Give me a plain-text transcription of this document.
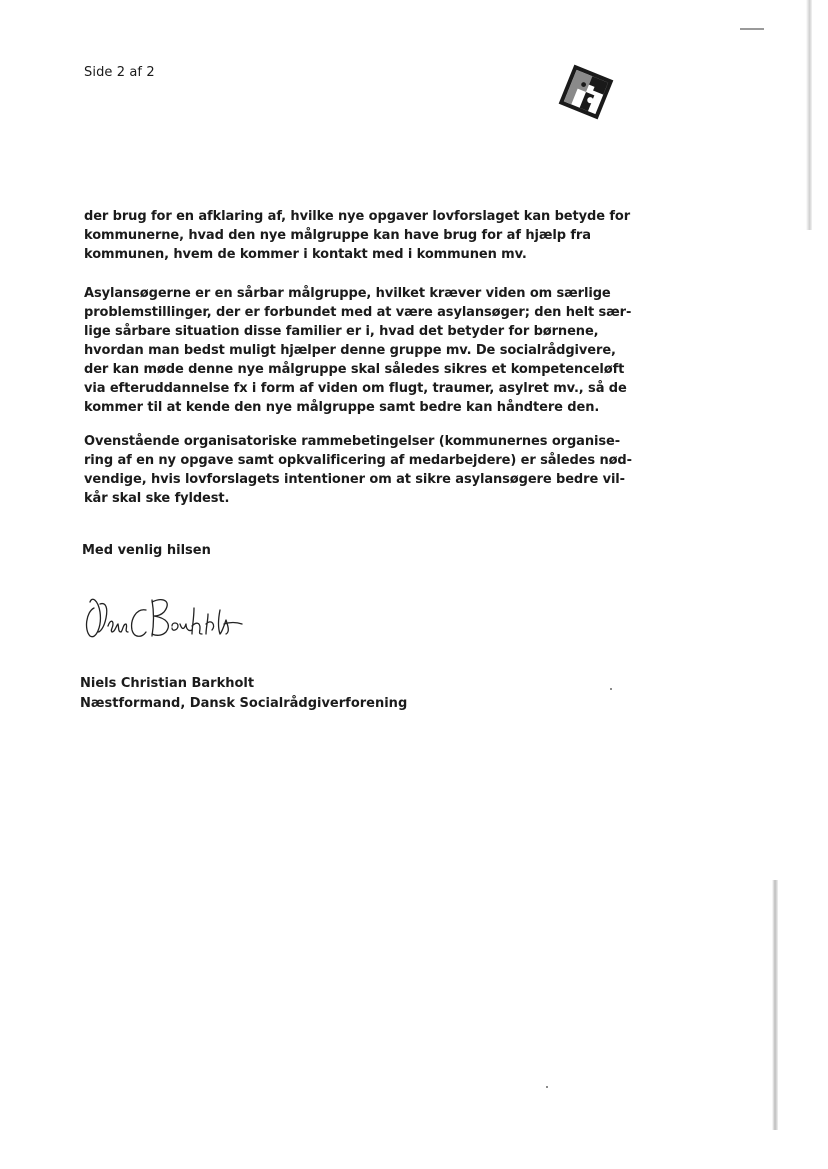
Side 2 af 2
der brug for en afklaring af, hvilke nye opgaver lovforslaget kan betyde for
kommunerne, hvad den nye målgruppe kan have brug for af hjælp fra
kommunen, hvem de kommer i kontakt med i kommunen mv.
Asylansøgerne er en sårbar målgruppe, hvilket kræver viden om særlige
problemstillinger, der er forbundet med at være asylansøger; den helt sær-
lige sårbare situation disse familier er i, hvad det betyder for børnene,
hvordan man bedst muligt hjælper denne gruppe mv. De socialrådgivere,
der kan møde denne nye målgruppe skal således sikres et kompetenceløft
via efteruddannelse fx i form af viden om flugt, traumer, asylret mv., så de
kommer til at kende den nye målgruppe samt bedre kan håndtere den.
Ovenstående organisatoriske rammebetingelser (kommunernes organise-
ring af en ny opgave samt opkvalificering af medarbejdere) er således nød-
vendige, hvis lovforslagets intentioner om at sikre asylansøgere bedre vil-
kår skal ske fyldest.
Med venlig hilsen
Niels Christian Barkholt
Næstformand, Dansk Socialrådgiverforening
